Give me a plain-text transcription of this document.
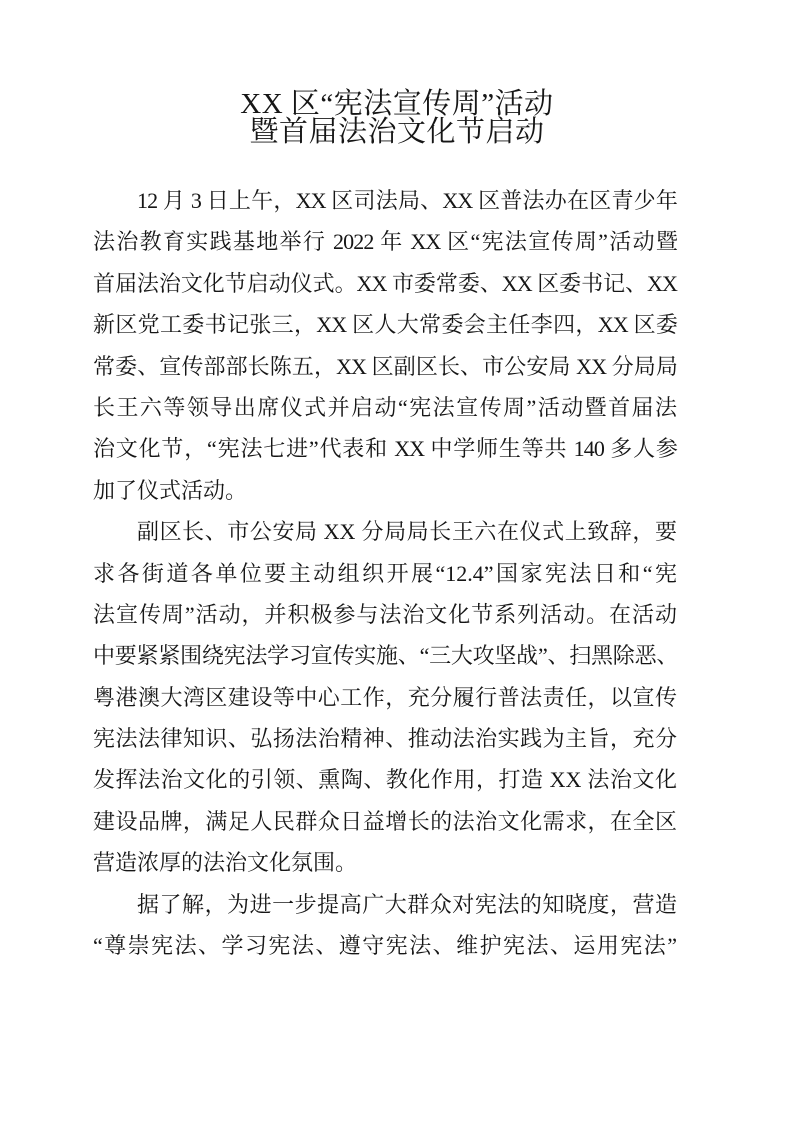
XX 区“宪法宣传周”活动
暨首届法治文化节启动
12 月 3 日上午，XX 区司法局、XX 区普法办在区青少年
法治教育实践基地举行 2022 年 XX 区“宪法宣传周”活动暨
首届法治文化节启动仪式。XX 市委常委、XX 区委书记、XX
新区党工委书记张三，XX 区人大常委会主任李四，XX 区委
常委、宣传部部长陈五，XX 区副区长、市公安局 XX 分局局
长王六等领导出席仪式并启动“宪法宣传周”活动暨首届法
治文化节，“宪法七进”代表和 XX 中学师生等共 140 多人参
加了仪式活动。
副区长、市公安局 XX 分局局长王六在仪式上致辞，要
求各街道各单位要主动组织开展“12.4”国家宪法日和“宪
法宣传周”活动，并积极参与法治文化节系列活动。在活动
中要紧紧围绕宪法学习宣传实施、“三大攻坚战”、扫黑除恶、
粤港澳大湾区建设等中心工作，充分履行普法责任，以宣传
宪法法律知识、弘扬法治精神、推动法治实践为主旨，充分
发挥法治文化的引领、熏陶、教化作用，打造 XX 法治文化
建设品牌，满足人民群众日益增长的法治文化需求，在全区
营造浓厚的法治文化氛围。
据了解，为进一步提高广大群众对宪法的知晓度，营造
“尊崇宪法、学习宪法、遵守宪法、维护宪法、运用宪法”
